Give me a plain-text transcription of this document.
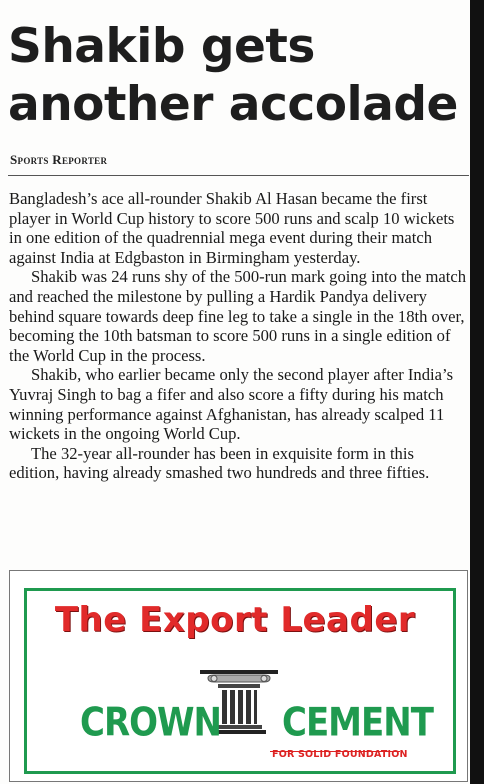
Shakib gets another accolade
Sports Reporter

Bangladesh’s ace all-rounder Shakib Al Hasan became the first player in World Cup history to score 500 runs and scalp 10 wickets in one edition of the quadrennial mega event during their match against India at Edgbaston in Birmingham yesterday.

Shakib was 24 runs shy of the 500-run mark going into the match and reached the milestone by pulling a Hardik Pandya delivery behind square towards deep fine leg to take a single in the 18th over, becoming the 10th batsman to score 500 runs in a single edition of the World Cup in the process.

Shakib, who earlier became only the second player after India’s Yuvraj Singh to bag a fifer and also score a fifty during his match winning performance against Afghanistan, has already scalped 11 wickets in the ongoing World Cup.

The 32-year all-rounder has been in exquisite form in this edition, having already smashed two hundreds and three fifties.

The Export Leader
CROWN CEMENT
FOR SOLID FOUNDATION
